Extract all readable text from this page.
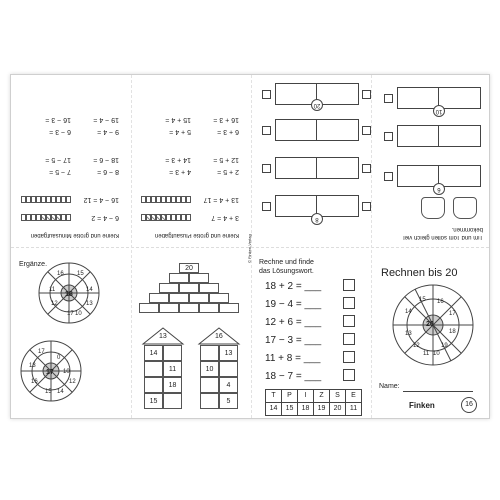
Kleine und große Plusaufgaben
Kleine und große Minusaufgaben
3 + 4 = 7
13 + 4 = 17
2 + 5 =
12 + 5 =
4 + 3 =
14 + 3 =
6 + 3 =
16 + 3 =
5 + 4 =
15 + 4 =
6 − 4 = 2
16 − 4 = 12
8 − 6 =
18 − 6 =
7 − 5 =
17 − 5 =
9 − 4 =
19 − 4 =
6 − 3 =
16 − 3 =
Tim und Tom sollen gleich viel bekommen.
6
10
8
20
Ergänze.
18
16 15
14
13
12
11
17 10
17
17
0
10
13
16
15
12
14
20
13
14
11
18
15
16
13
10
4
5
Rechne und finde
das Lösungswort.
© Finken-Verlag
18 + 2 = ___
19 − 4 = ___
12 + 6 = ___
17 − 3 = ___
11 + 8 = ___
18 − 7 = ___
T	P	I	Z	S	E
14	15	18	19	20	11
Rechnen bis 20
20
15 16
14	17
13	18
12	19
11 10
Name:
Finken	16
